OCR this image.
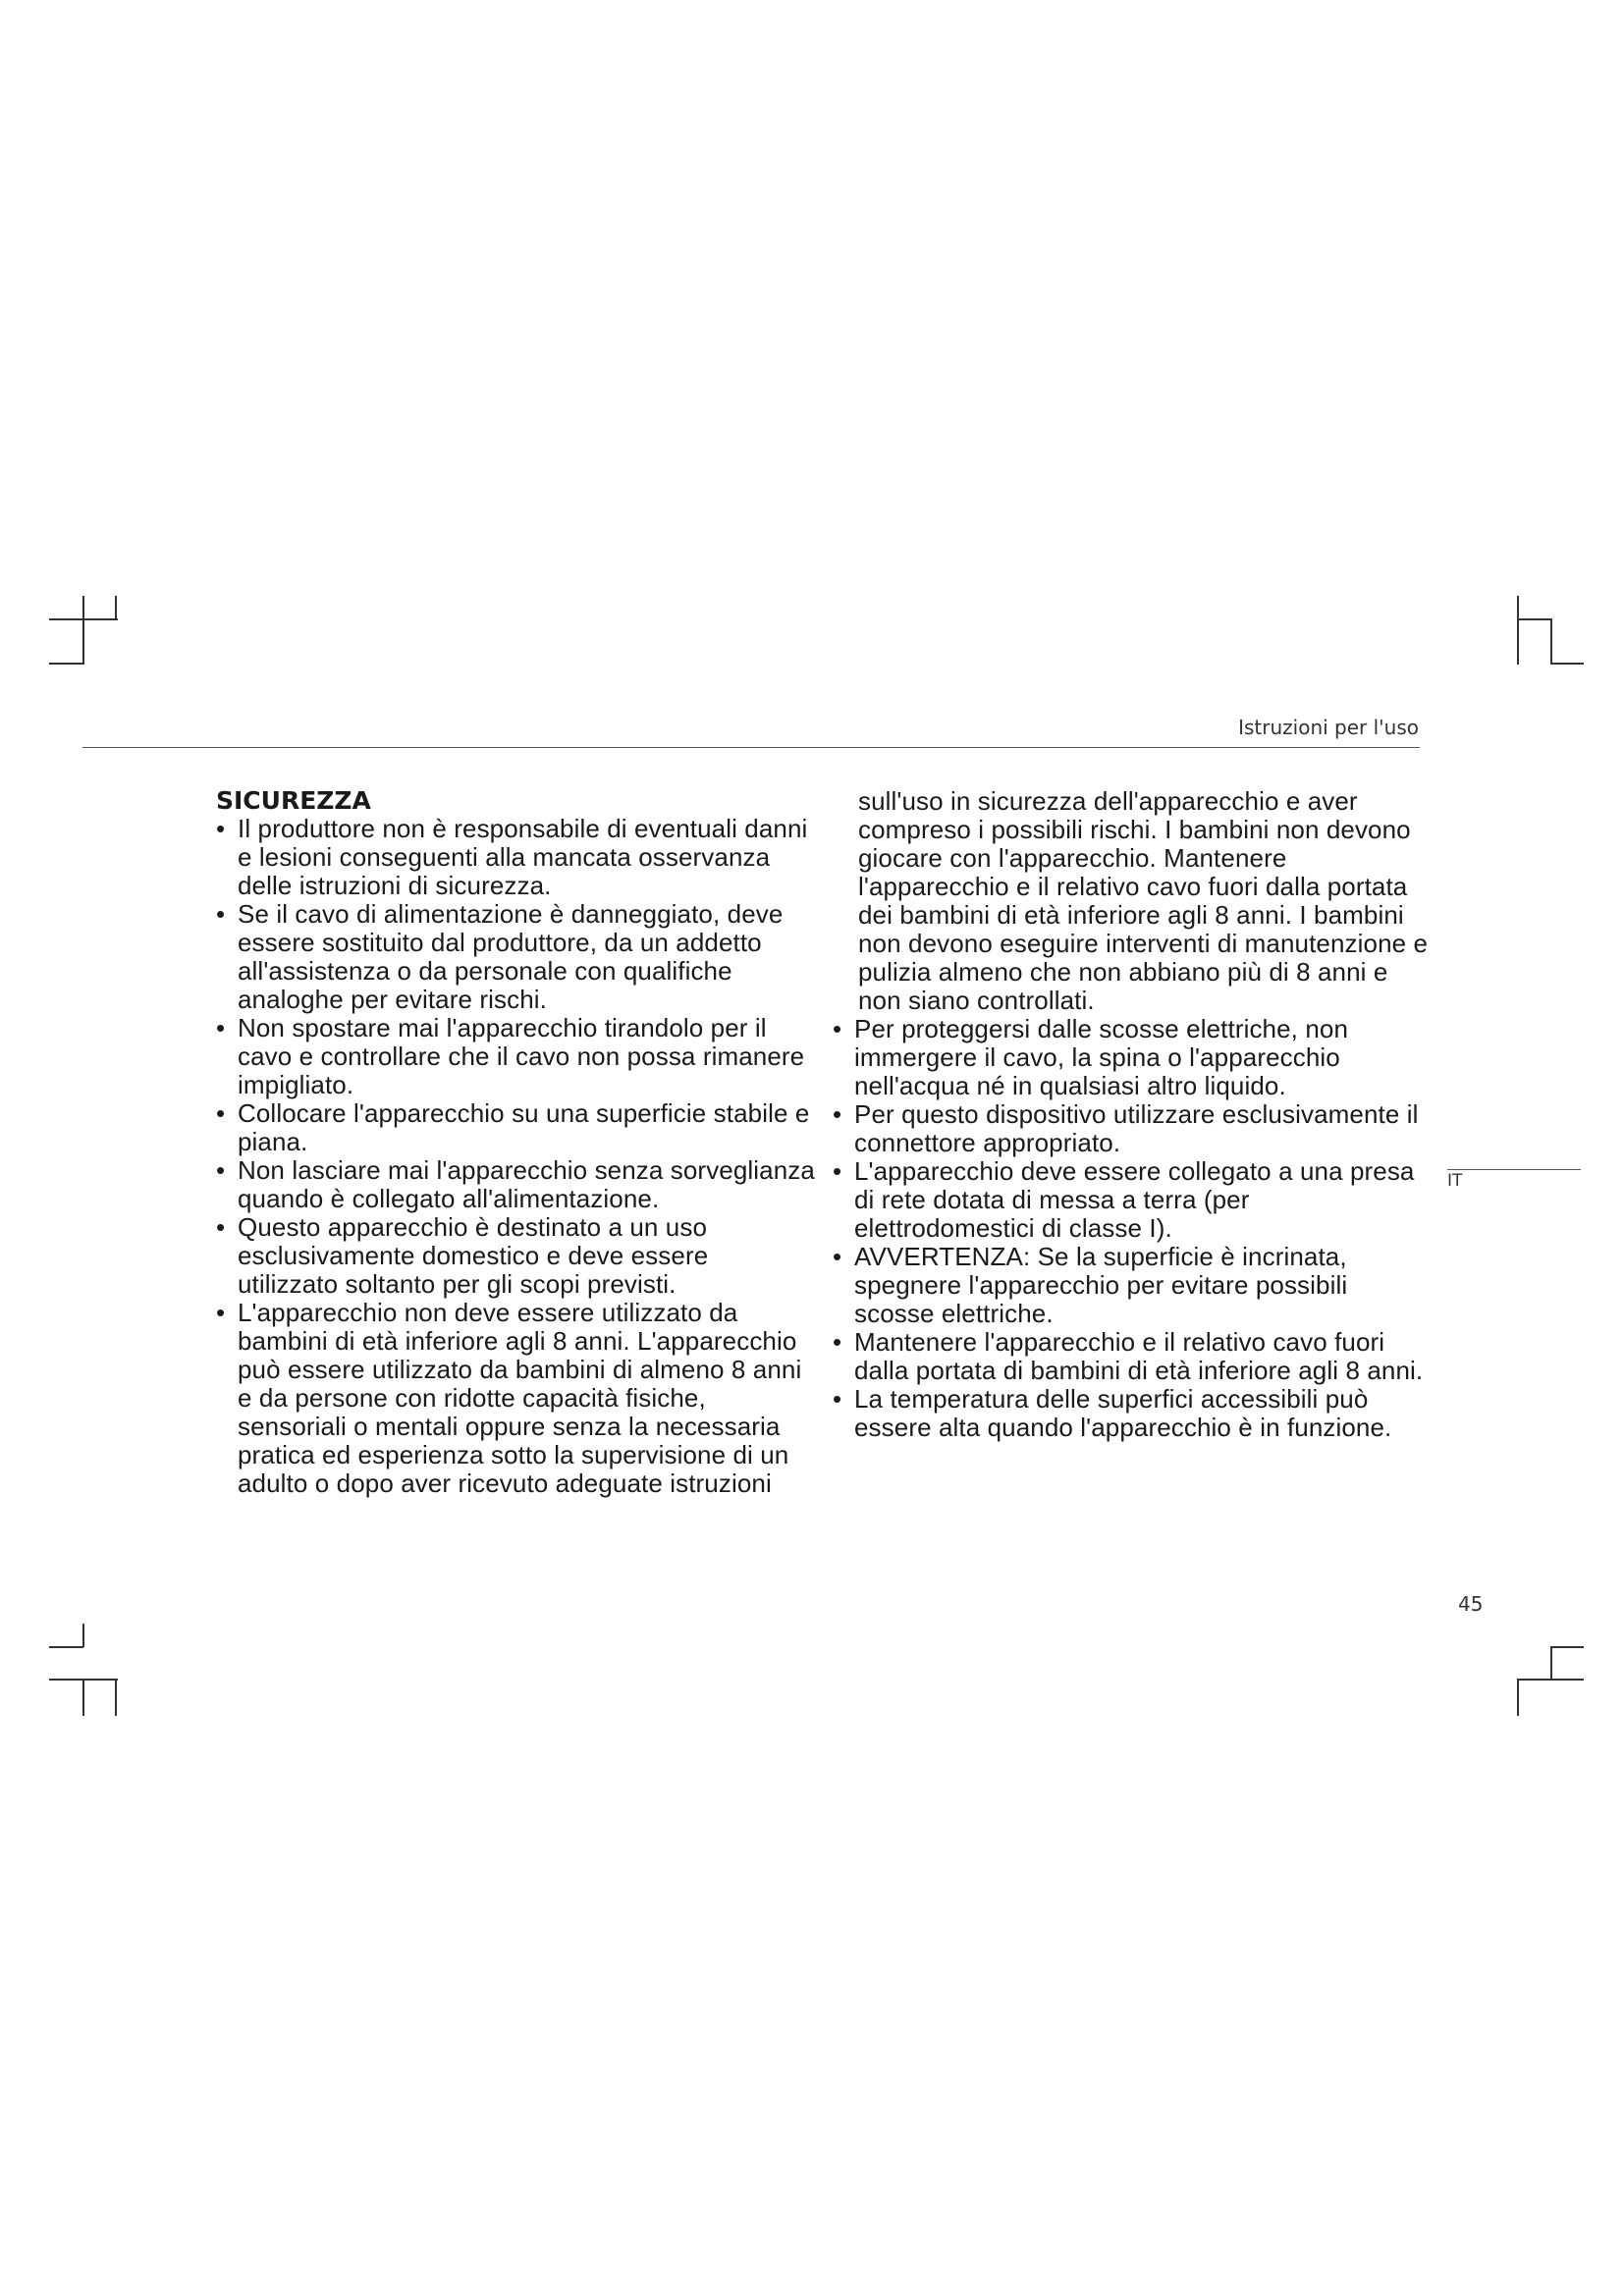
Istruzioni per l'uso
SICUREZZA
• Il produttore non è responsabile di eventuali danni e lesioni conseguenti alla mancata osservanza delle istruzioni di sicurezza.
• Se il cavo di alimentazione è danneggiato, deve essere sostituito dal produttore, da un addetto all'assistenza o da personale con qualifiche analoghe per evitare rischi.
• Non spostare mai l'apparecchio tirandolo per il cavo e controllare che il cavo non possa rimanere impigliato.
• Collocare l'apparecchio su una superficie stabile e piana.
• Non lasciare mai l'apparecchio senza sorveglianza quando è collegato all'alimentazione.
• Questo apparecchio è destinato a un uso esclusivamente domestico e deve essere utilizzato soltanto per gli scopi previsti.
• L'apparecchio non deve essere utilizzato da bambini di età inferiore agli 8 anni. L'apparecchio può essere utilizzato da bambini di almeno 8 anni e da persone con ridotte capacità fisiche, sensoriali o mentali oppure senza la necessaria pratica ed esperienza sotto la supervisione di un adulto o dopo aver ricevuto adeguate istruzioni

sull'uso in sicurezza dell'apparecchio e aver compreso i possibili rischi. I bambini non devono giocare con l'apparecchio. Mantenere l'apparecchio e il relativo cavo fuori dalla portata dei bambini di età inferiore agli 8 anni. I bambini non devono eseguire interventi di manutenzione e pulizia almeno che non abbiano più di 8 anni e non siano controllati.

• Per proteggersi dalle scosse elettriche, non immergere il cavo, la spina o l'apparecchio nell'acqua né in qualsiasi altro liquido.
• Per questo dispositivo utilizzare esclusivamente il connettore appropriato.
• L'apparecchio deve essere collegato a una presa di rete dotata di messa a terra (per elettrodomestici di classe I).
• AVVERTENZA: Se la superficie è incrinata, spegnere l'apparecchio per evitare possibili scosse elettriche.
• Mantenere l'apparecchio e il relativo cavo fuori dalla portata di bambini di età inferiore agli 8 anni.
• La temperatura delle superfici accessibili può essere alta quando l'apparecchio è in funzione.
IT
45
